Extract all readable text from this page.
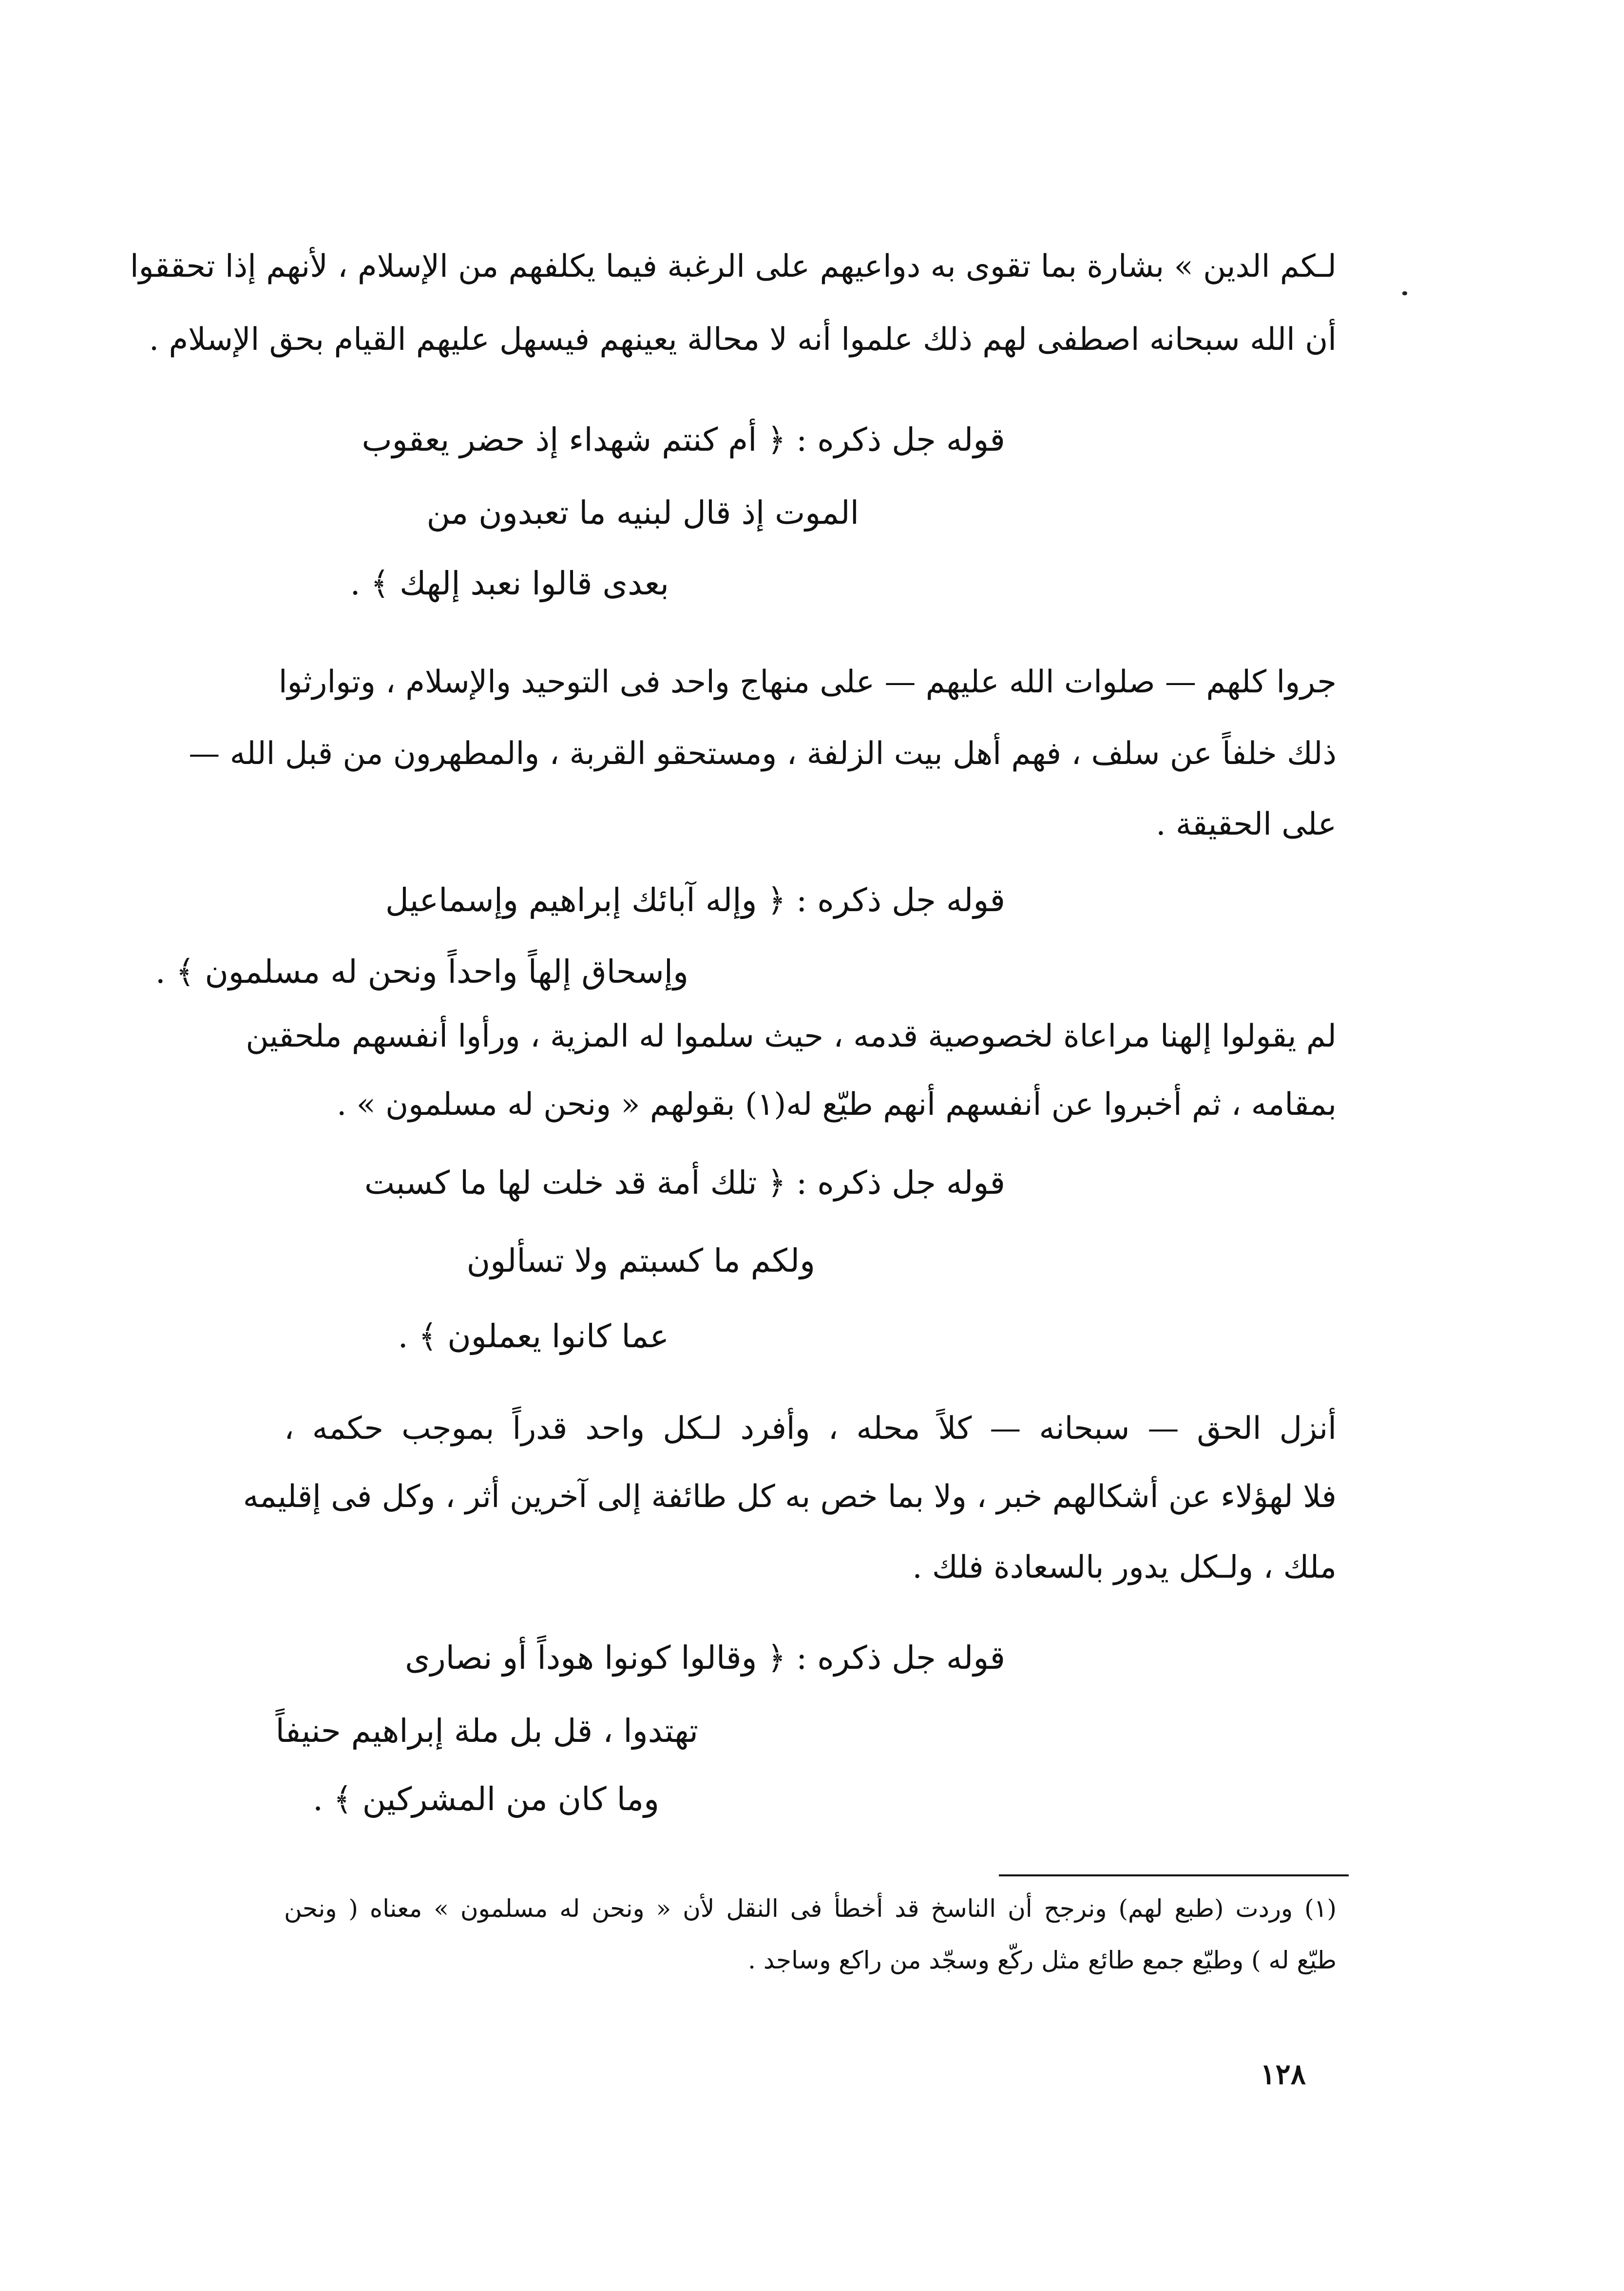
لـكم الدين » بشارة بما تقوى به دواعيهم على الرغبة فيما يكلفهم من الإسلام ، لأنهم إذا تحققوا
أن الله سبحانه اصطفى لهم ذلك علموا أنه لا محالة يعينهم فيسهل عليهم القيام بحق الإسلام .
قوله جل ذكره : ﴿ أم كنتم شهداء إذ حضر يعقوب
الموت إذ قال لبنيه ما تعبدون من
بعدى قالوا نعبد إلهك ﴾ .
جروا كلهم — صلوات الله عليهم — على منهاج واحد فى التوحيد والإسلام ، وتوارثوا
ذلك خلفاً عن سلف ، فهم أهل بيت الزلفة ، ومستحقو القربة ، والمطهرون من قبل الله —
على الحقيقة .
قوله جل ذكره : ﴿ وإله آبائك إبراهيم وإسماعيل
وإسحاق إلهاً واحداً ونحن له مسلمون ﴾ .
لم يقولوا إلهنا مراعاة لخصوصية قدمه ، حيث سلموا له المزية ، ورأوا أنفسهم ملحقين
بمقامه ، ثم أخبروا عن أنفسهم أنهم طيّع له(١) بقولهم « ونحن له مسلمون » .
قوله جل ذكره : ﴿ تلك أمة قد خلت لها ما كسبت
ولكم ما كسبتم ولا تسألون
عما كانوا يعملون ﴾ .
أنزل الحق — سبحانه — كلاً محله ، وأفرد لـكل واحد قدراً بموجب حكمه ،
فلا لهؤلاء عن أشكالهم خبر ، ولا بما خص به كل طائفة إلى آخرين أثر ، وكل فى إقليمه
ملك ، ولـكل يدور بالسعادة فلك .
قوله جل ذكره : ﴿ وقالوا كونوا هوداً أو نصارى
تهتدوا ، قل بل ملة إبراهيم حنيفاً
وما كان من المشركين ﴾ .
(١) وردت (طبع لهم) ونرجح أن الناسخ قد أخطأ فى النقل لأن « ونحن له مسلمون » معناه ( ونحن
طيّع له ) وطيّع جمع طائع مثل ركّع وسجّد من راكع وساجد .
١٢٨
